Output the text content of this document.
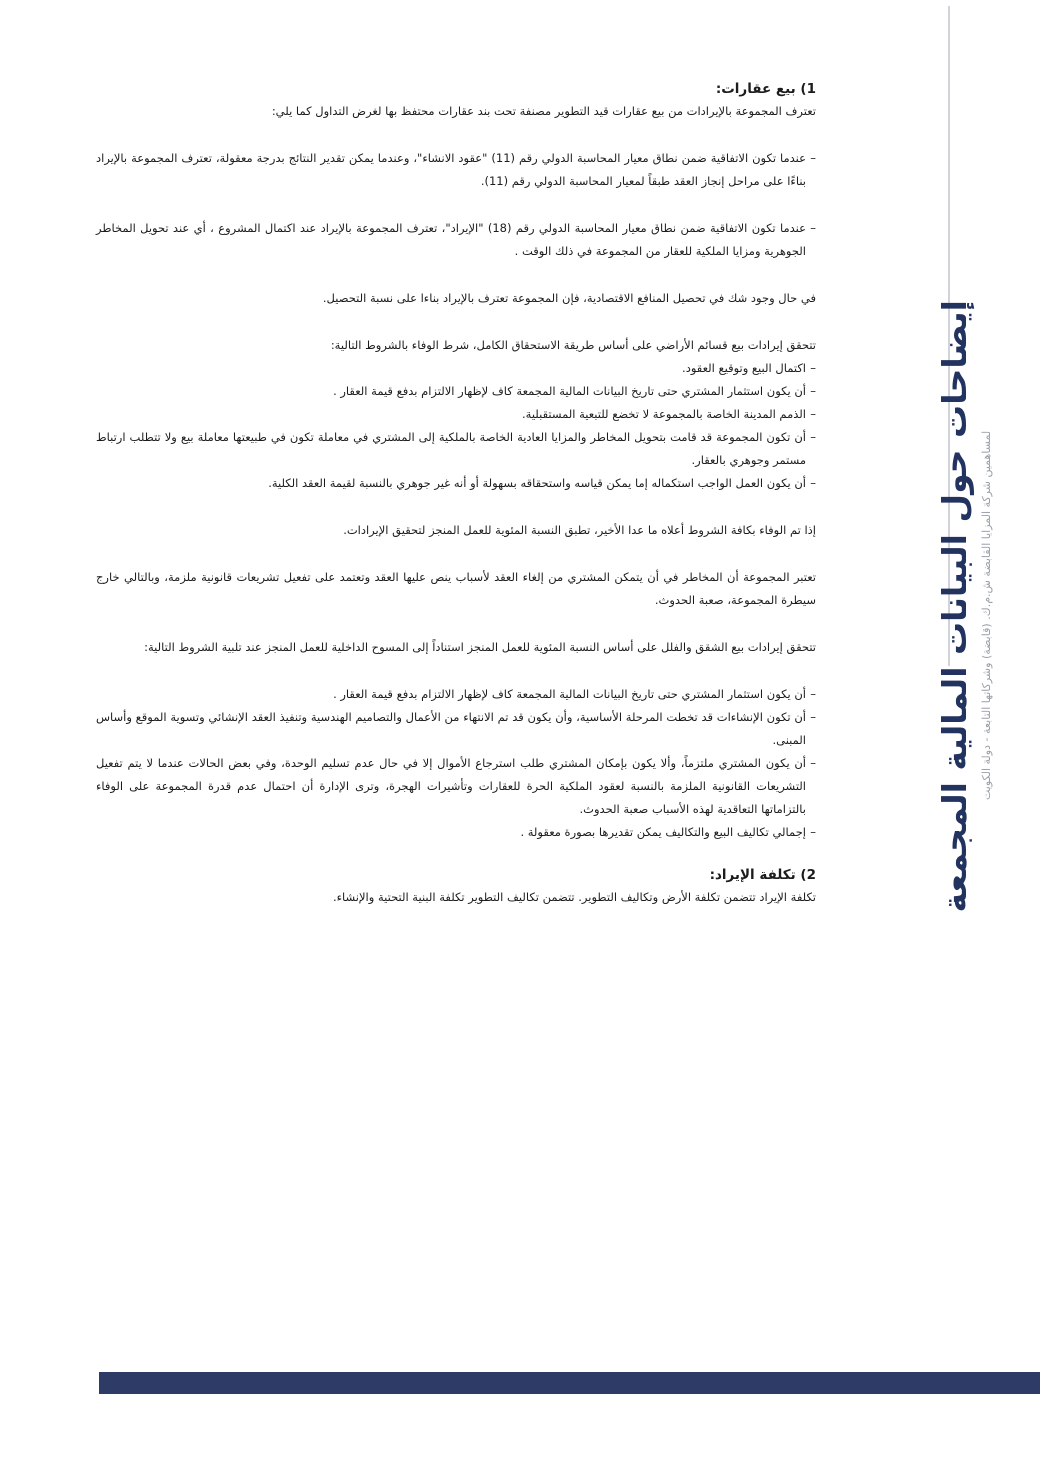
إيضاحات حول البيانات المالية المجمعة لمساهمين شركة المزايا القابضة ش.م.ك. (قابضة) وشركاتها التابعة - دولة الكويت

1) بيع عقارات:

تعترف المجموعة بالإيرادات من بيع عقارات قيد التطوير مصنفة تحت بند عقارات محتفظ بها لغرض التداول كما يلي:

–عندما تكون الاتفاقية ضمن نطاق معيار المحاسبة الدولي رقم (11) "عقود الانشاء"، وعندما يمكن تقدير النتائج بدرجة معقولة، تعترف المجموعة بالإيراد بناءًا على مراحل إنجاز العقد طبقاً لمعيار المحاسبة الدولي رقم (11).

–عندما تكون الاتفاقية ضمن نطاق معيار المحاسبة الدولي رقم (18) "الإيراد"، تعترف المجموعة بالإيراد عند اكتمال المشروع ، أي عند تحويل المخاطر الجوهرية ومزايا الملكية للعقار من المجموعة في ذلك الوقت .

في حال وجود شك في تحصيل المنافع الاقتصادية، فإن المجموعة تعترف بالإيراد بناءا على نسبة التحصيل.

تتحقق إيرادات بيع قسائم الأراضي على أساس طريقة الاستحقاق الكامل، شرط الوفاء بالشروط التالية:

–اكتمال البيع وتوقيع العقود.

–أن يكون استثمار المشتري حتى تاريخ البيانات المالية المجمعة كاف لإظهار الالتزام بدفع قيمة العقار .

–الذمم المدينة الخاصة بالمجموعة لا تخضع للتبعية المستقبلية.

–أن تكون المجموعة قد قامت بتحويل المخاطر والمزايا العادية الخاصة بالملكية إلى المشتري في معاملة تكون في طبيعتها معاملة بيع ولا تتطلب ارتباط مستمر وجوهري بالعقار.

–أن يكون العمل الواجب استكماله إما يمكن قياسه واستحقاقه بسهولة أو أنه غير جوهري بالنسبة لقيمة العقد الكلية.

إذا تم الوفاء بكافة الشروط أعلاه ما عدا الأخير، تطبق النسبة المئوية للعمل المنجز لتحقيق الإيرادات.

تعتبر المجموعة أن المخاطر في أن يتمكن المشتري من إلغاء العقد لأسباب ينص عليها العقد وتعتمد على تفعيل تشريعات قانونية ملزمة، وبالتالي خارج سيطرة المجموعة، صعبة الحدوث.

تتحقق إيرادات بيع الشقق والفلل على أساس النسبة المئوية للعمل المنجز استناداً إلى المسوح الداخلية للعمل المنجز عند تلبية الشروط التالية:

–أن يكون استثمار المشتري حتى تاريخ البيانات المالية المجمعة كاف لإظهار الالتزام بدفع قيمة العقار .

–أن تكون الإنشاءات قد تخطت المرحلة الأساسية، وأن يكون قد تم الانتهاء من الأعمال والتصاميم الهندسية وتنفيذ العقد الإنشائي وتسوية الموقع وأساس المبنى.

–أن يكون المشتري ملتزماً، وألا يكون بإمكان المشتري طلب استرجاع الأموال إلا في حال عدم تسليم الوحدة، وفي بعض الحالات عندما لا يتم تفعيل التشريعات القانونية الملزمة بالنسبة لعقود الملكية الحرة للعقارات وتأشيرات الهجرة، وترى الإدارة أن احتمال عدم قدرة المجموعة على الوفاء بالتزاماتها التعاقدية لهذه الأسباب صعبة الحدوث.

–إجمالي تكاليف البيع والتكاليف يمكن تقديرها بصورة معقولة .

2) تكلفة الإيراد:

تكلفة الإيراد تتضمن تكلفة الأرض وتكاليف التطوير. تتضمن تكاليف التطوير تكلفة البنية التحتية والإنشاء.
